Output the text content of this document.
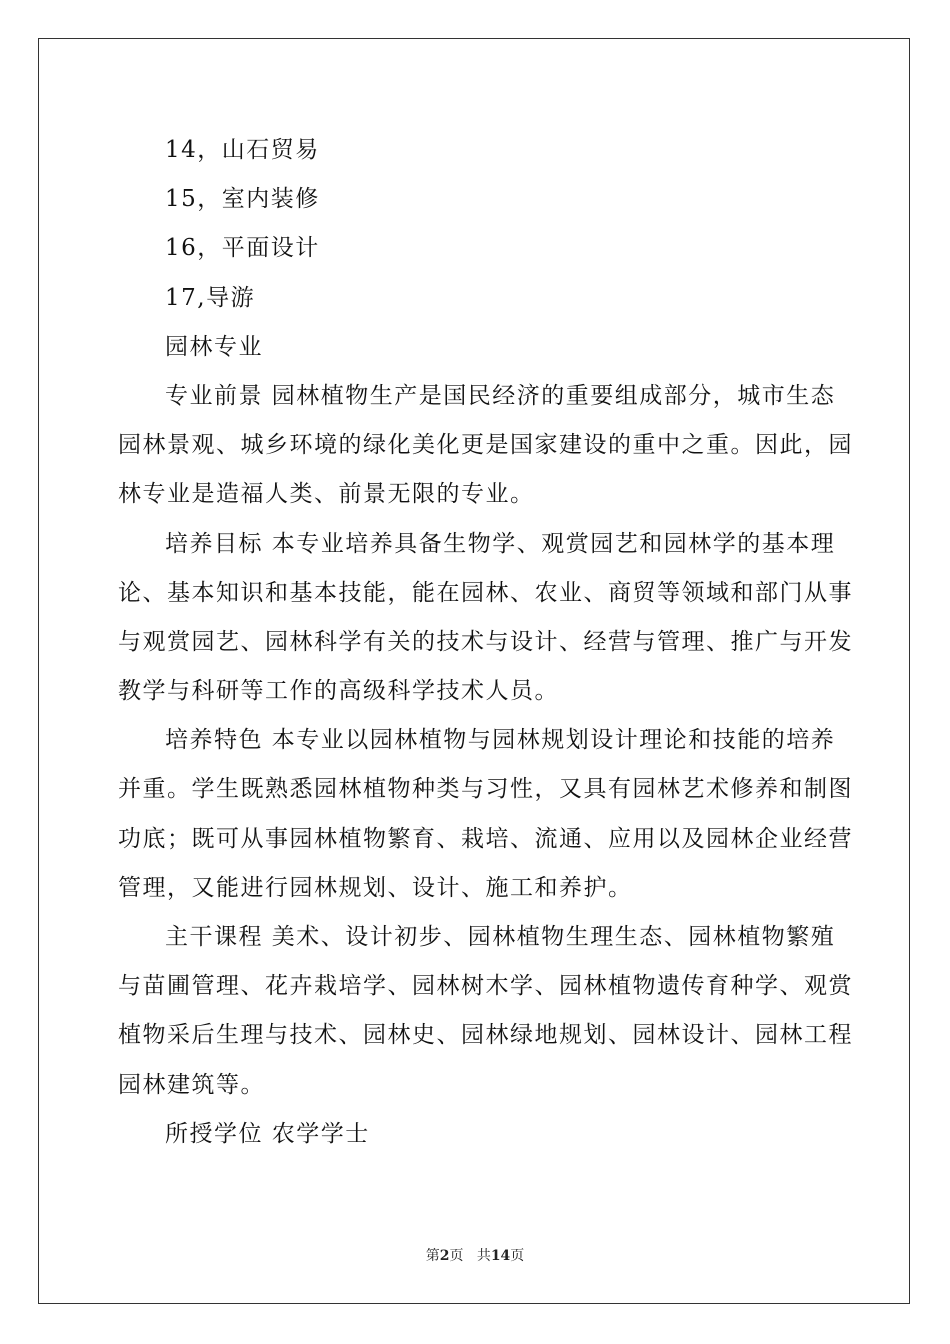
14，山石贸易
15，室内装修
16，平面设计
17,导游
园林专业
专业前景 园林植物生产是国民经济的重要组成部分，城市生态
园林景观、城乡环境的绿化美化更是国家建设的重中之重。因此，园
林专业是造福人类、前景无限的专业。
培养目标 本专业培养具备生物学、观赏园艺和园林学的基本理
论、基本知识和基本技能，能在园林、农业、商贸等领域和部门从事
与观赏园艺、园林科学有关的技术与设计、经营与管理、推广与开发
教学与科研等工作的高级科学技术人员。
培养特色 本专业以园林植物与园林规划设计理论和技能的培养
并重。学生既熟悉园林植物种类与习性，又具有园林艺术修养和制图
功底；既可从事园林植物繁育、栽培、流通、应用以及园林企业经营
管理，又能进行园林规划、设计、施工和养护。
主干课程 美术、设计初步、园林植物生理生态、园林植物繁殖
与苗圃管理、花卉栽培学、园林树木学、园林植物遗传育种学、观赏
植物采后生理与技术、园林史、园林绿地规划、园林设计、园林工程
园林建筑等。
所授学位 农学学士
第2页 共14页
